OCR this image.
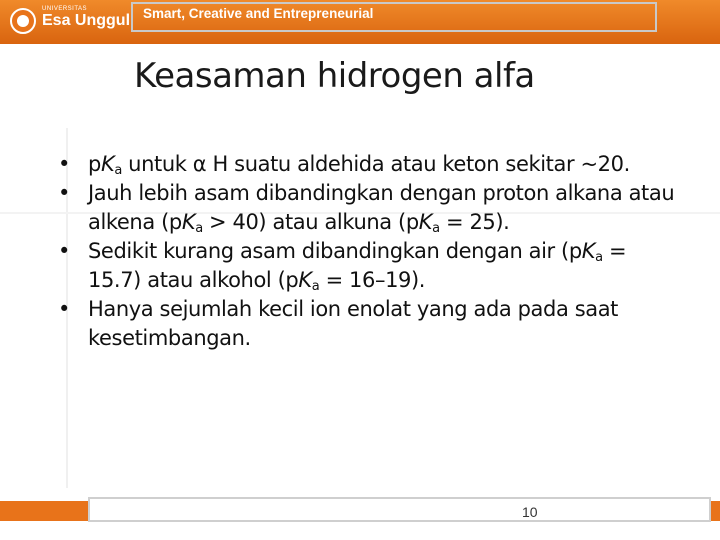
UNIVERSITAS
Esa Unggul Smart, Creative and Entrepreneurial
Keasaman hidrogen alfa
• $pK_a$ untuk α H suatu aldehida atau keton sekitar ~20.
• Jauh lebih asam dibandingkan dengan proton alkana atau alkena $(pK_a > 40)$ atau alkuna $(pK_a = 25)$.
• Sedikit kurang asam dibandingkan dengan air $(pK_a = 15.7)$ atau alkohol $(pK_a = 16-19)$.
• Hanya sejumlah kecil ion enolat yang ada pada saat kesetimbangan.
10
